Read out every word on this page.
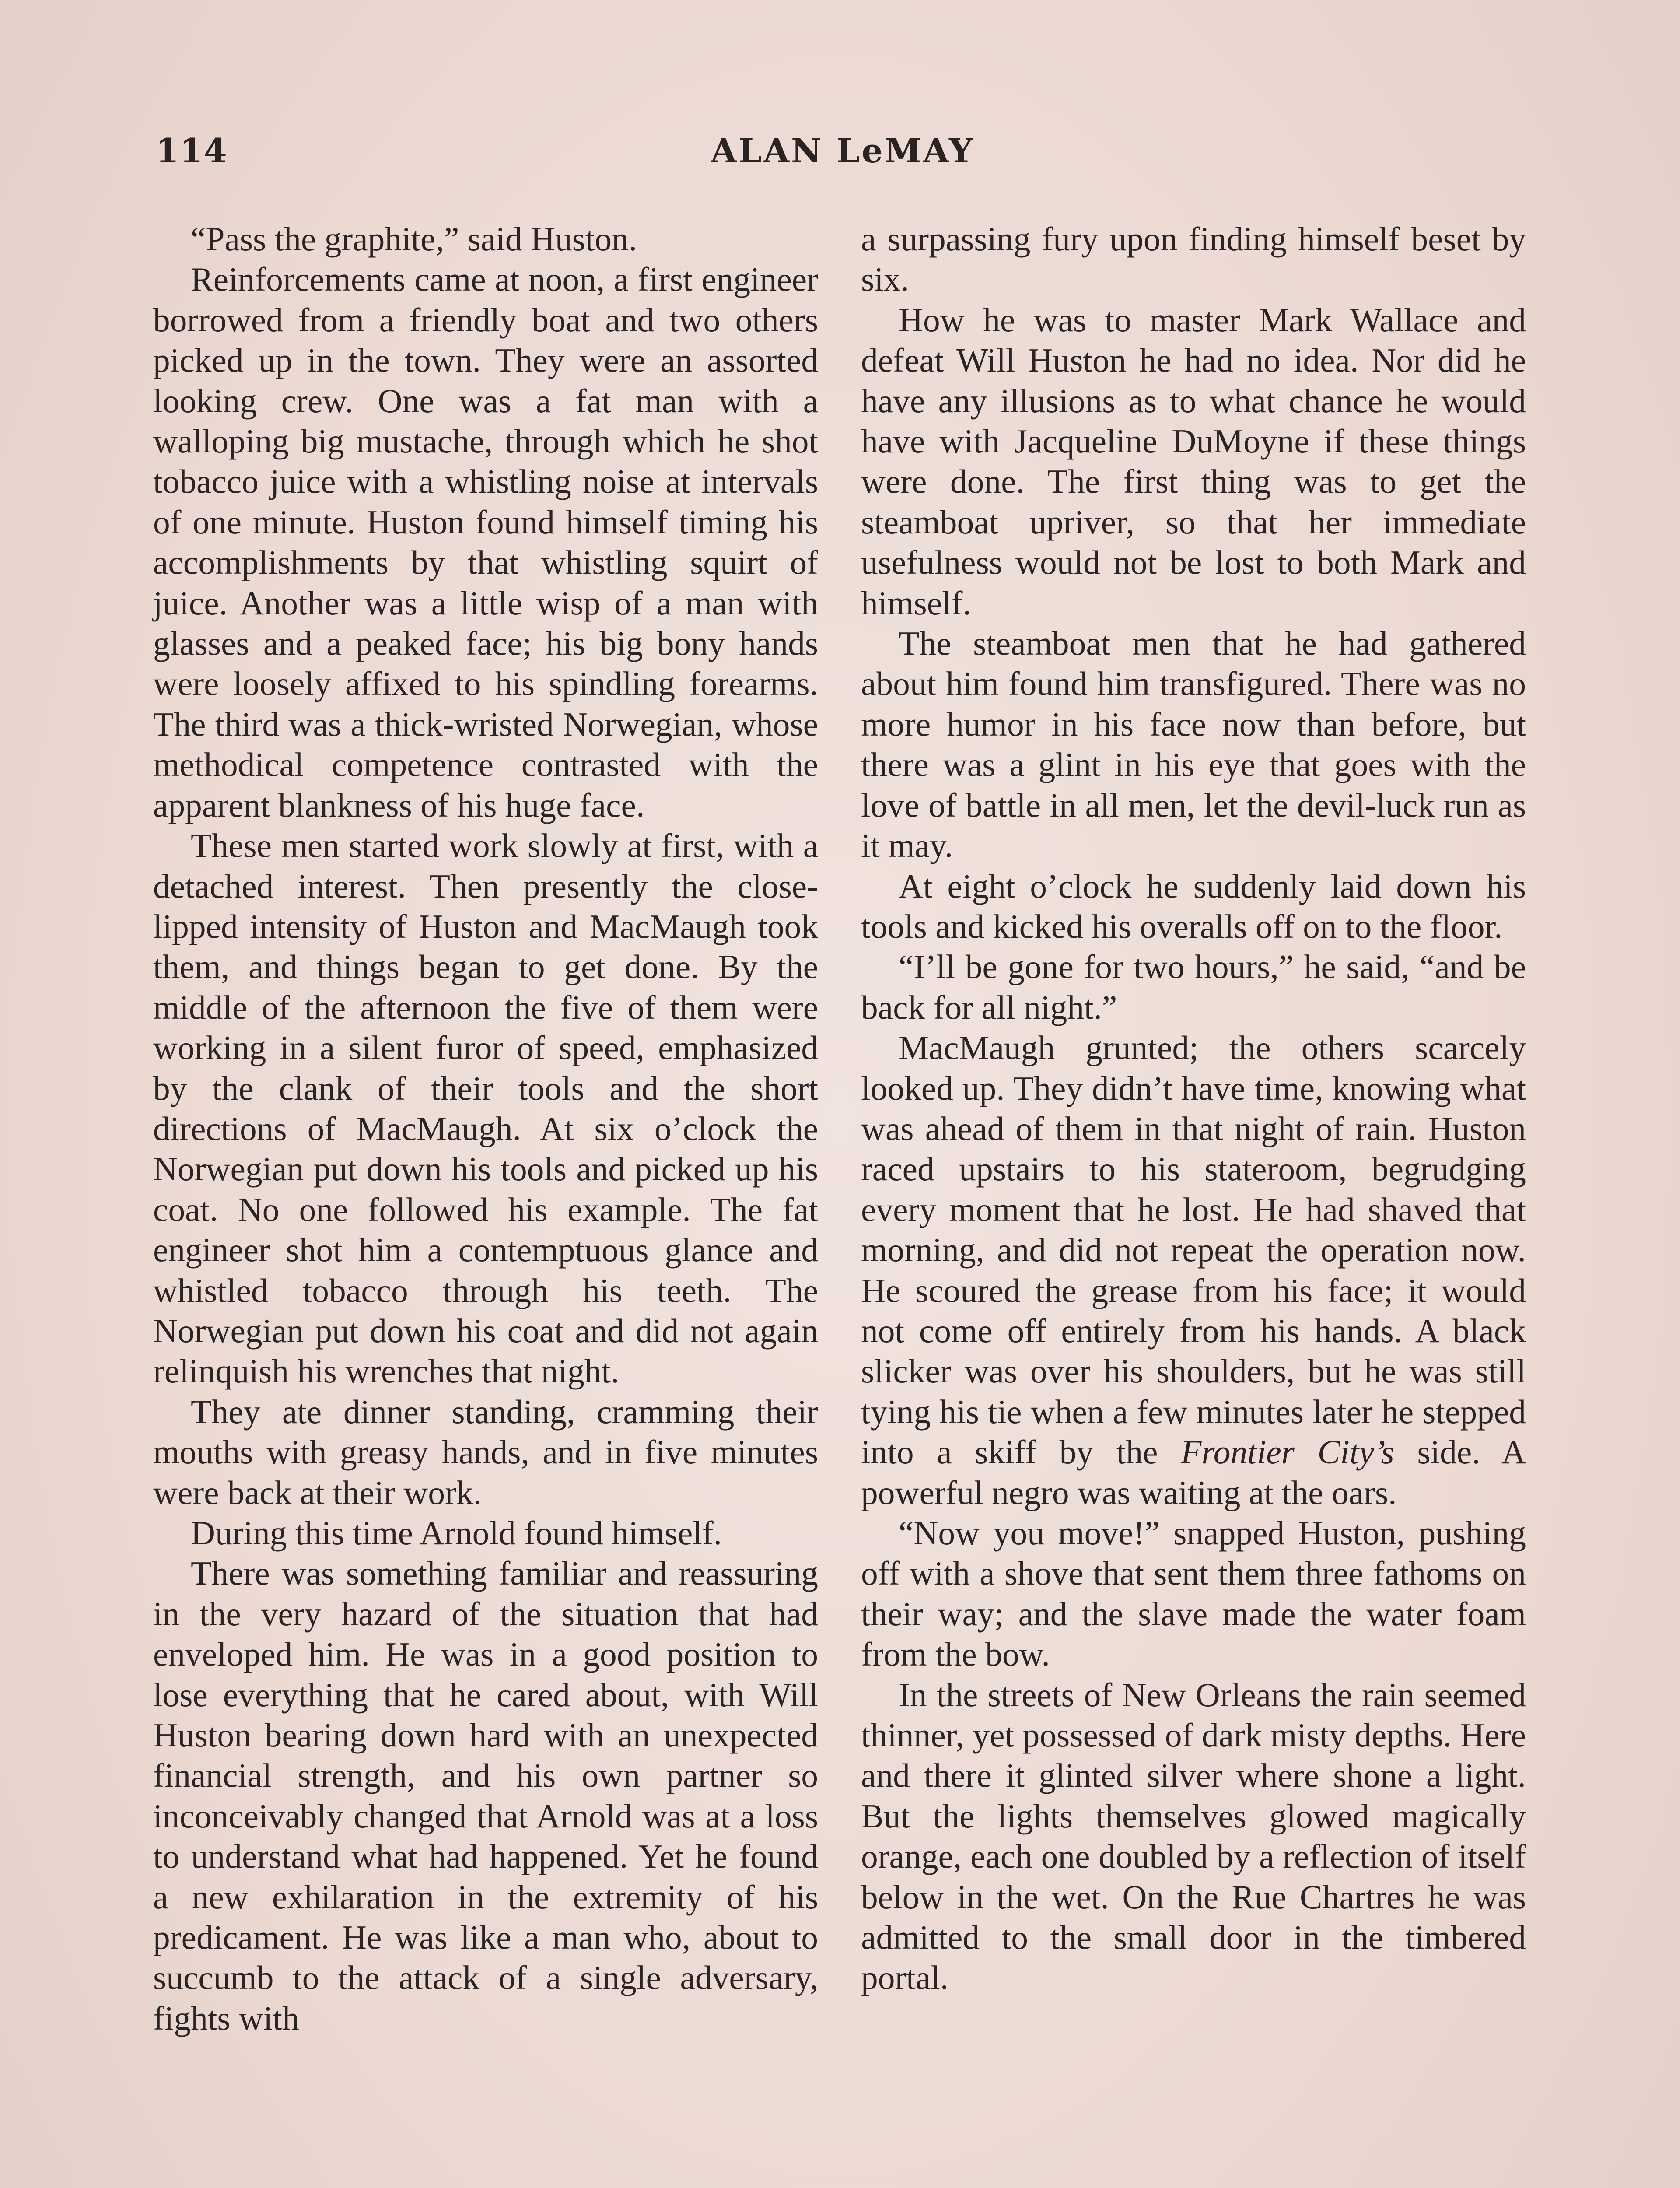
114	ALAN LeMAY

“Pass the graphite,” said Huston.

Reinforcements came at noon, a first engineer borrowed from a friendly boat and two others picked up in the town. They were an assorted looking crew. One was a fat man with a walloping big mustache, through which he shot tobacco juice with a whistling noise at intervals of one minute. Huston found himself timing his accomplishments by that whistling squirt of juice. Another was a little wisp of a man with glasses and a peaked face; his big bony hands were loosely affixed to his spindling forearms. The third was a thick-wristed Norwegian, whose methodical competence contrasted with the apparent blankness of his huge face.

These men started work slowly at first, with a detached interest. Then presently the close-lipped intensity of Huston and MacMaugh took them, and things began to get done. By the middle of the afternoon the five of them were working in a silent furor of speed, emphasized by the clank of their tools and the short directions of MacMaugh. At six o’clock the Norwegian put down his tools and picked up his coat. No one followed his example. The fat engineer shot him a contemptuous glance and whistled tobacco through his teeth. The Norwegian put down his coat and did not again relinquish his wrenches that night.

They ate dinner standing, cramming their mouths with greasy hands, and in five minutes were back at their work.

During this time Arnold found himself.

There was something familiar and reassuring in the very hazard of the situation that had enveloped him. He was in a good position to lose everything that he cared about, with Will Huston bearing down hard with an unexpected financial strength, and his own partner so inconceivably changed that Arnold was at a loss to understand what had happened. Yet he found a new exhilaration in the extremity of his predicament. He was like a man who, about to succumb to the attack of a single adversary, fights with

a surpassing fury upon finding himself beset by six.

How he was to master Mark Wallace and defeat Will Huston he had no idea. Nor did he have any illusions as to what chance he would have with Jacqueline DuMoyne if these things were done. The first thing was to get the steamboat upriver, so that her immediate usefulness would not be lost to both Mark and himself.

The steamboat men that he had gathered about him found him transfigured. There was no more humor in his face now than before, but there was a glint in his eye that goes with the love of battle in all men, let the devil-luck run as it may.

At eight o’clock he suddenly laid down his tools and kicked his overalls off on to the floor.

“I’ll be gone for two hours,” he said, “and be back for all night.”

MacMaugh grunted; the others scarcely looked up. They didn’t have time, knowing what was ahead of them in that night of rain. Huston raced upstairs to his stateroom, begrudging every moment that he lost. He had shaved that morning, and did not repeat the operation now. He scoured the grease from his face; it would not come off entirely from his hands. A black slicker was over his shoulders, but he was still tying his tie when a few minutes later he stepped into a skiff by the Frontier City’s side. A powerful negro was waiting at the oars.

“Now you move!” snapped Huston, pushing off with a shove that sent them three fathoms on their way; and the slave made the water foam from the bow.

In the streets of New Orleans the rain seemed thinner, yet possessed of dark misty depths. Here and there it glinted silver where shone a light. But the lights themselves glowed magically orange, each one doubled by a reflection of itself below in the wet. On the Rue Chartres he was admitted to the small door in the timbered portal.
